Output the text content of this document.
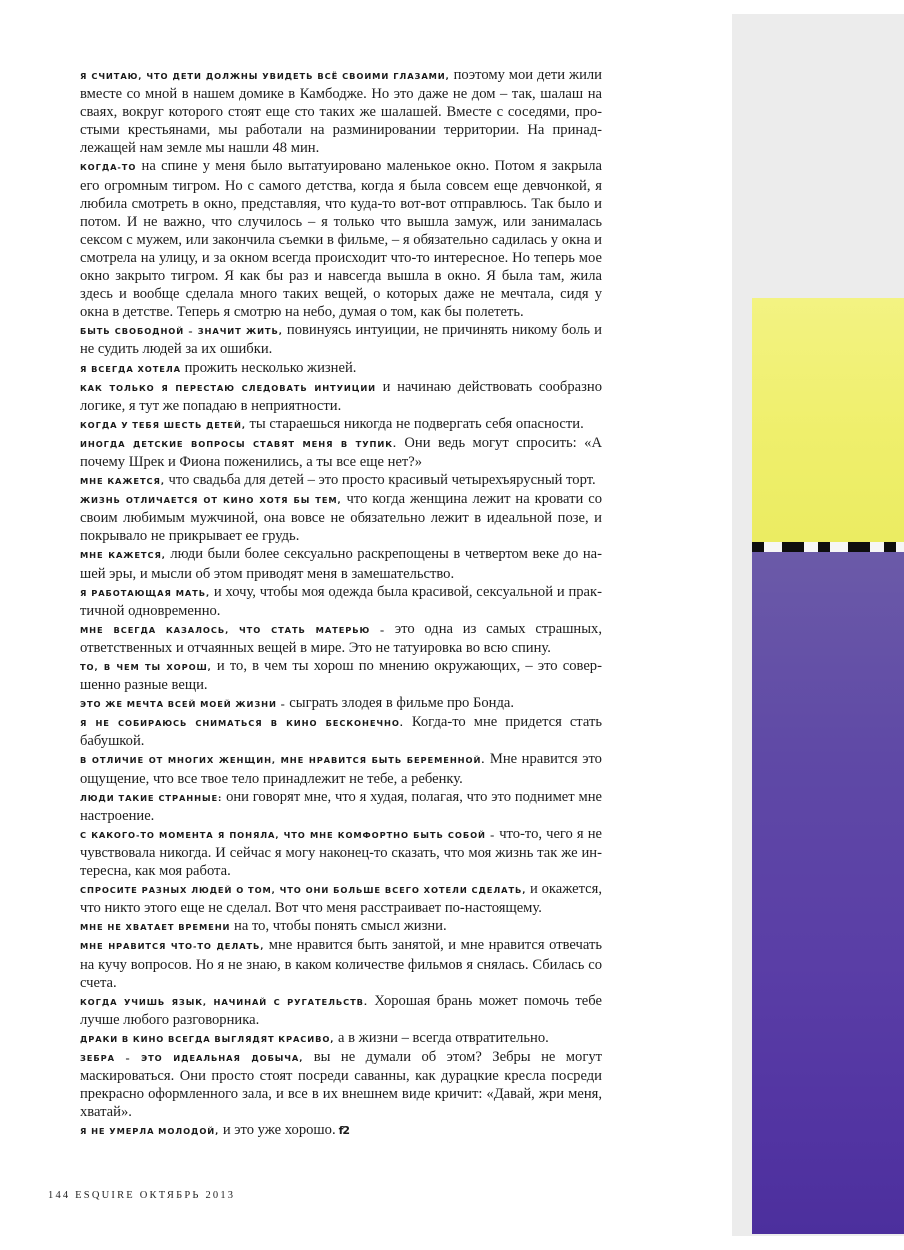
Я СЧИТАЮ, ЧТО ДЕТИ ДОЛЖНЫ УВИДЕТЬ ВСЁ СВОИМИ ГЛАЗАМИ, поэтому мои дети жили вместе со мной в нашем домике в Камбодже. Но это даже не дом – так, шалаш на сваях, вокруг которого стоят еще сто таких же шалашей. Вместе с соседями, простыми крестьянами, мы работали на разминировании территории. На принадлежащей нам земле мы нашли 48 мин.

КОГДА-ТО на спине у меня было вытатуировано маленькое окно. Потом я закрыла его огромным тигром. Но с самого детства, когда я была совсем еще девчонкой, я любила смотреть в окно, представляя, что куда-то вот-вот отправлюсь. Так было и потом. И не важно, что случилось – я только что вышла замуж, или занималась сексом с мужем, или закончила съемки в фильме, – я обязательно садилась у окна и смотрела на улицу, и за окном всегда происходит что-то интересное. Но теперь мое окно закрыто тигром. Я как бы раз и навсегда вышла в окно. Я была там, жила здесь и вообще сделала много таких вещей, о которых даже не мечтала, сидя у окна в детстве. Теперь я смотрю на небо, думая о том, как бы полететь.

БЫТЬ СВОБОДНОЙ – ЗНАЧИТ ЖИТЬ, повинуясь интуиции, не причинять никому боль и не судить людей за их ошибки.

Я ВСЕГДА ХОТЕЛА прожить несколько жизней.

КАК ТОЛЬКО Я ПЕРЕСТАЮ СЛЕДОВАТЬ ИНТУИЦИИ и начинаю действовать сообразно логике, я тут же попадаю в неприятности.

КОГДА У ТЕБЯ ШЕСТЬ ДЕТЕЙ, ты стараешься никогда не подвергать себя опасности.

ИНОГДА ДЕТСКИЕ ВОПРОСЫ СТАВЯТ МЕНЯ В ТУПИК. Они ведь могут спросить: «А почему Шрек и Фиона поженились, а ты все еще нет?»

МНЕ КАЖЕТСЯ, что свадьба для детей – это просто красивый четырехъярусный торт.

ЖИЗНЬ ОТЛИЧАЕТСЯ ОТ КИНО ХОТЯ БЫ ТЕМ, что когда женщина лежит на кровати со своим любимым мужчиной, она вовсе не обязательно лежит в идеальной позе, и покрывало не прикрывает ее грудь.

МНЕ КАЖЕТСЯ, люди были более сексуально раскрепощены в четвертом веке до нашей эры, и мысли об этом приводят меня в замешательство.

Я РАБОТАЮЩАЯ МАТЬ, и хочу, чтобы моя одежда была красивой, сексуальной и практичной одновременно.

МНЕ ВСЕГДА КАЗАЛОСЬ, ЧТО СТАТЬ МАТЕРЬЮ – это одна из самых страшных, ответственных и отчаянных вещей в мире. Это не татуировка во всю спину.

ТО, В ЧЕМ ТЫ ХОРОШ, и то, в чем ты хорош по мнению окружающих, – это совершенно разные вещи.

ЭТО ЖЕ МЕЧТА ВСЕЙ МОЕЙ ЖИЗНИ – сыграть злодея в фильме про Бонда.

Я НЕ СОБИРАЮСЬ СНИМАТЬСЯ В КИНО БЕСКОНЕЧНО. Когда-то мне придется стать бабушкой.

В ОТЛИЧИЕ ОТ МНОГИХ ЖЕНЩИН, МНЕ НРАВИТСЯ БЫТЬ БЕРЕМЕННОЙ. Мне нравится это ощущение, что все твое тело принадлежит не тебе, а ребенку.

ЛЮДИ ТАКИЕ СТРАННЫЕ: они говорят мне, что я худая, полагая, что это поднимет мне настроение.

С КАКОГО-ТО МОМЕНТА Я ПОНЯЛА, ЧТО МНЕ КОМФОРТНО БЫТЬ СОБОЙ – что-то, чего я не чувствовала никогда. И сейчас я могу наконец-то сказать, что моя жизнь так же интересна, как моя работа.

СПРОСИТЕ РАЗНЫХ ЛЮДЕЙ О ТОМ, ЧТО ОНИ БОЛЬШЕ ВСЕГО ХОТЕЛИ СДЕЛАТЬ, и окажется, что никто этого еще не сделал. Вот что меня расстраивает по-настоящему.

МНЕ НЕ ХВАТАЕТ ВРЕМЕНИ на то, чтобы понять смысл жизни.

МНЕ НРАВИТСЯ ЧТО-ТО ДЕЛАТЬ, мне нравится быть занятой, и мне нравится отвечать на кучу вопросов. Но я не знаю, в каком количестве фильмов я снялась. Сбилась со счета.

КОГДА УЧИШЬ ЯЗЫК, НАЧИНАЙ С РУГАТЕЛЬСТВ. Хорошая брань может помочь тебе лучше любого разговорника.

ДРАКИ В КИНО ВСЕГДА ВЫГЛЯДЯТ КРАСИВО, а в жизни – всегда отвратительно.

ЗЕБРА – ЭТО ИДЕАЛЬНАЯ ДОБЫЧА, вы не думали об этом? Зебры не могут маскироваться. Они просто стоят посреди саванны, как дурацкие кресла посреди прекрасно оформленного зала, и все в их внешнем виде кричит: «Давай, жри меня, хватай».

Я НЕ УМЕРЛА МОЛОДОЙ, и это уже хорошо. f2

144 ESQUIRE ОКТЯБРЬ 2013
